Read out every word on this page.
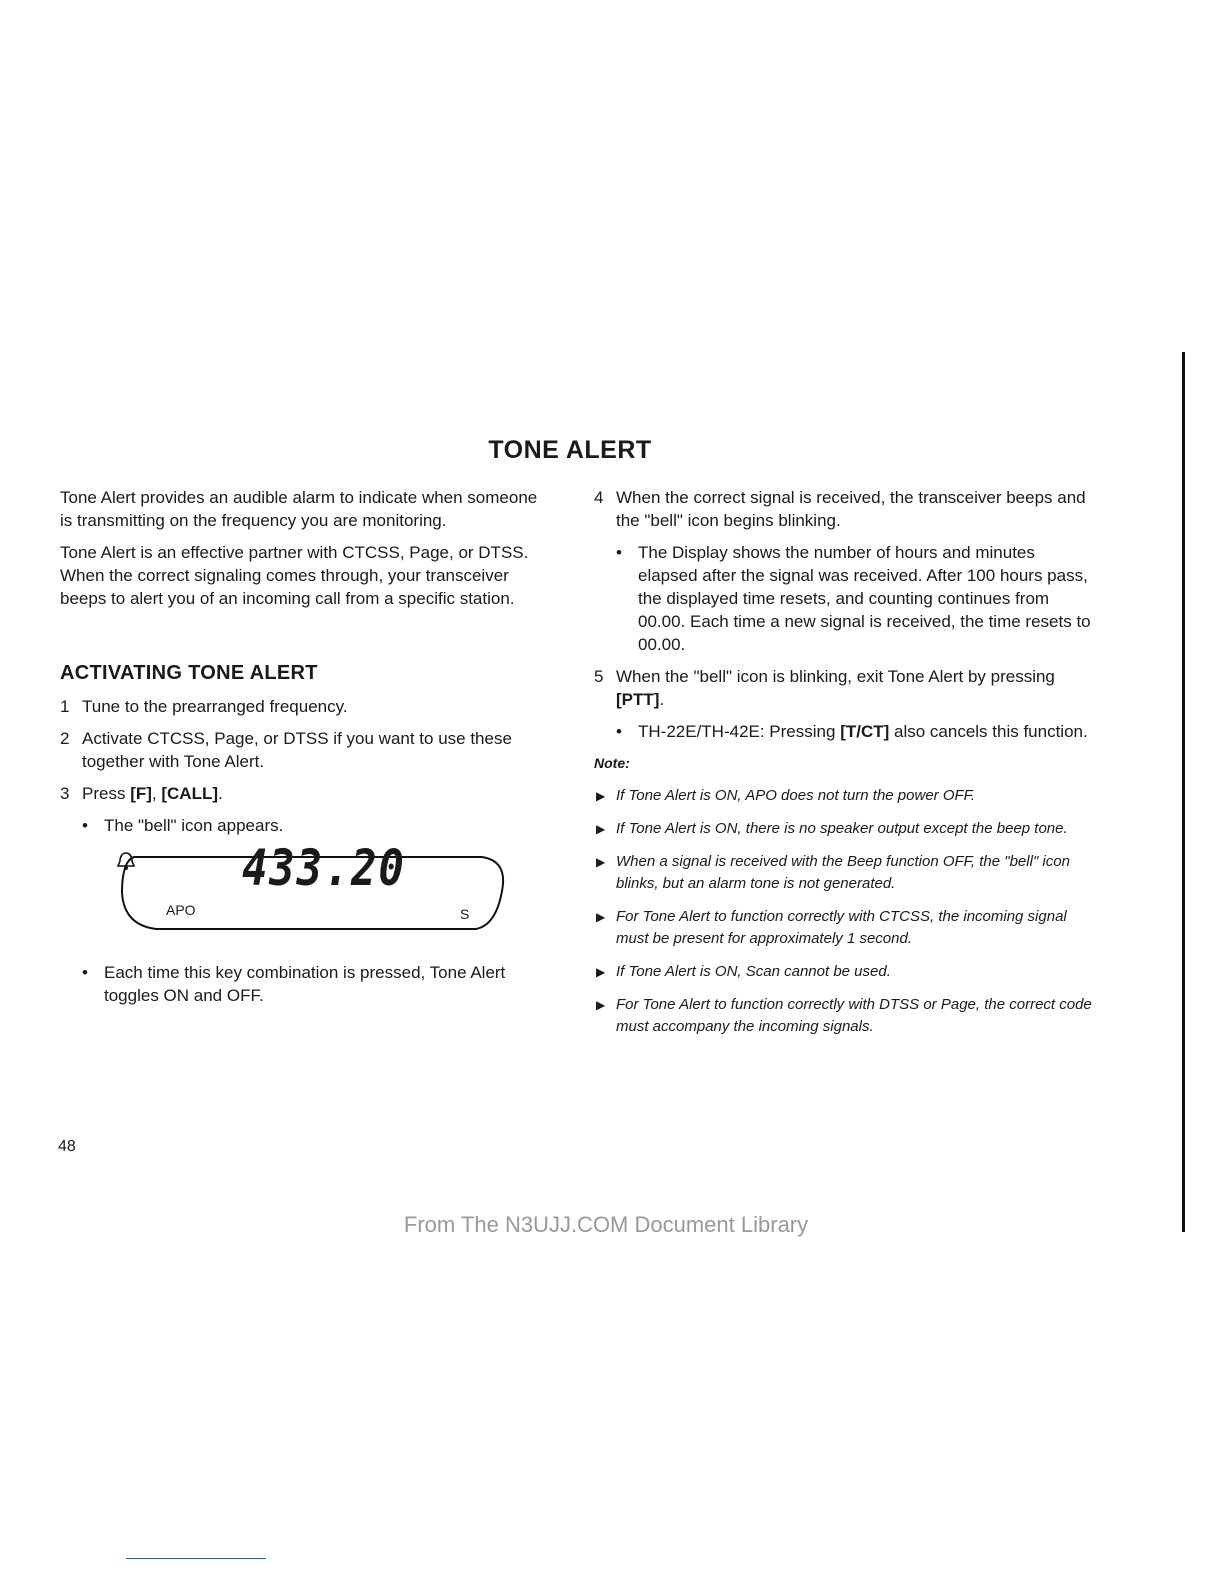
TONE ALERT

Tone Alert provides an audible alarm to indicate when someone is transmitting on the frequency you are monitoring.

Tone Alert is an effective partner with CTCSS, Page, or DTSS. When the correct signaling comes through, your transceiver beeps to alert you of an incoming call from a specific station.

ACTIVATING TONE ALERT
1 Tune to the prearranged frequency.
2 Activate CTCSS, Page, or DTSS if you want to use these together with Tone Alert.
3 Press [F], [CALL].
• The "bell" icon appears.
433.20
APO	S
• Each time this key combination is pressed, Tone Alert toggles ON and OFF.
4 When the correct signal is received, the transceiver beeps and the "bell" icon begins blinking.
• The Display shows the number of hours and minutes elapsed after the signal was received. After 100 hours pass, the displayed time resets, and counting continues from 00.00. Each time a new signal is received, the time resets to 00.00.
5 When the "bell" icon is blinking, exit Tone Alert by pressing [PTT].
• TH-22E/TH-42E: Pressing [T/CT] also cancels this function.

Note:

▶ If Tone Alert is ON, APO does not turn the power OFF.
▶ If Tone Alert is ON, there is no speaker output except the beep tone.
▶ When a signal is received with the Beep function OFF, the "bell" icon blinks, but an alarm tone is not generated.
▶ For Tone Alert to function correctly with CTCSS, the incoming signal must be present for approximately 1 second.
▶ If Tone Alert is ON, Scan cannot be used.
▶ For Tone Alert to function correctly with DTSS or Page, the correct code must accompany the incoming signals.

48

From The N3UJJ.COM Document Library
